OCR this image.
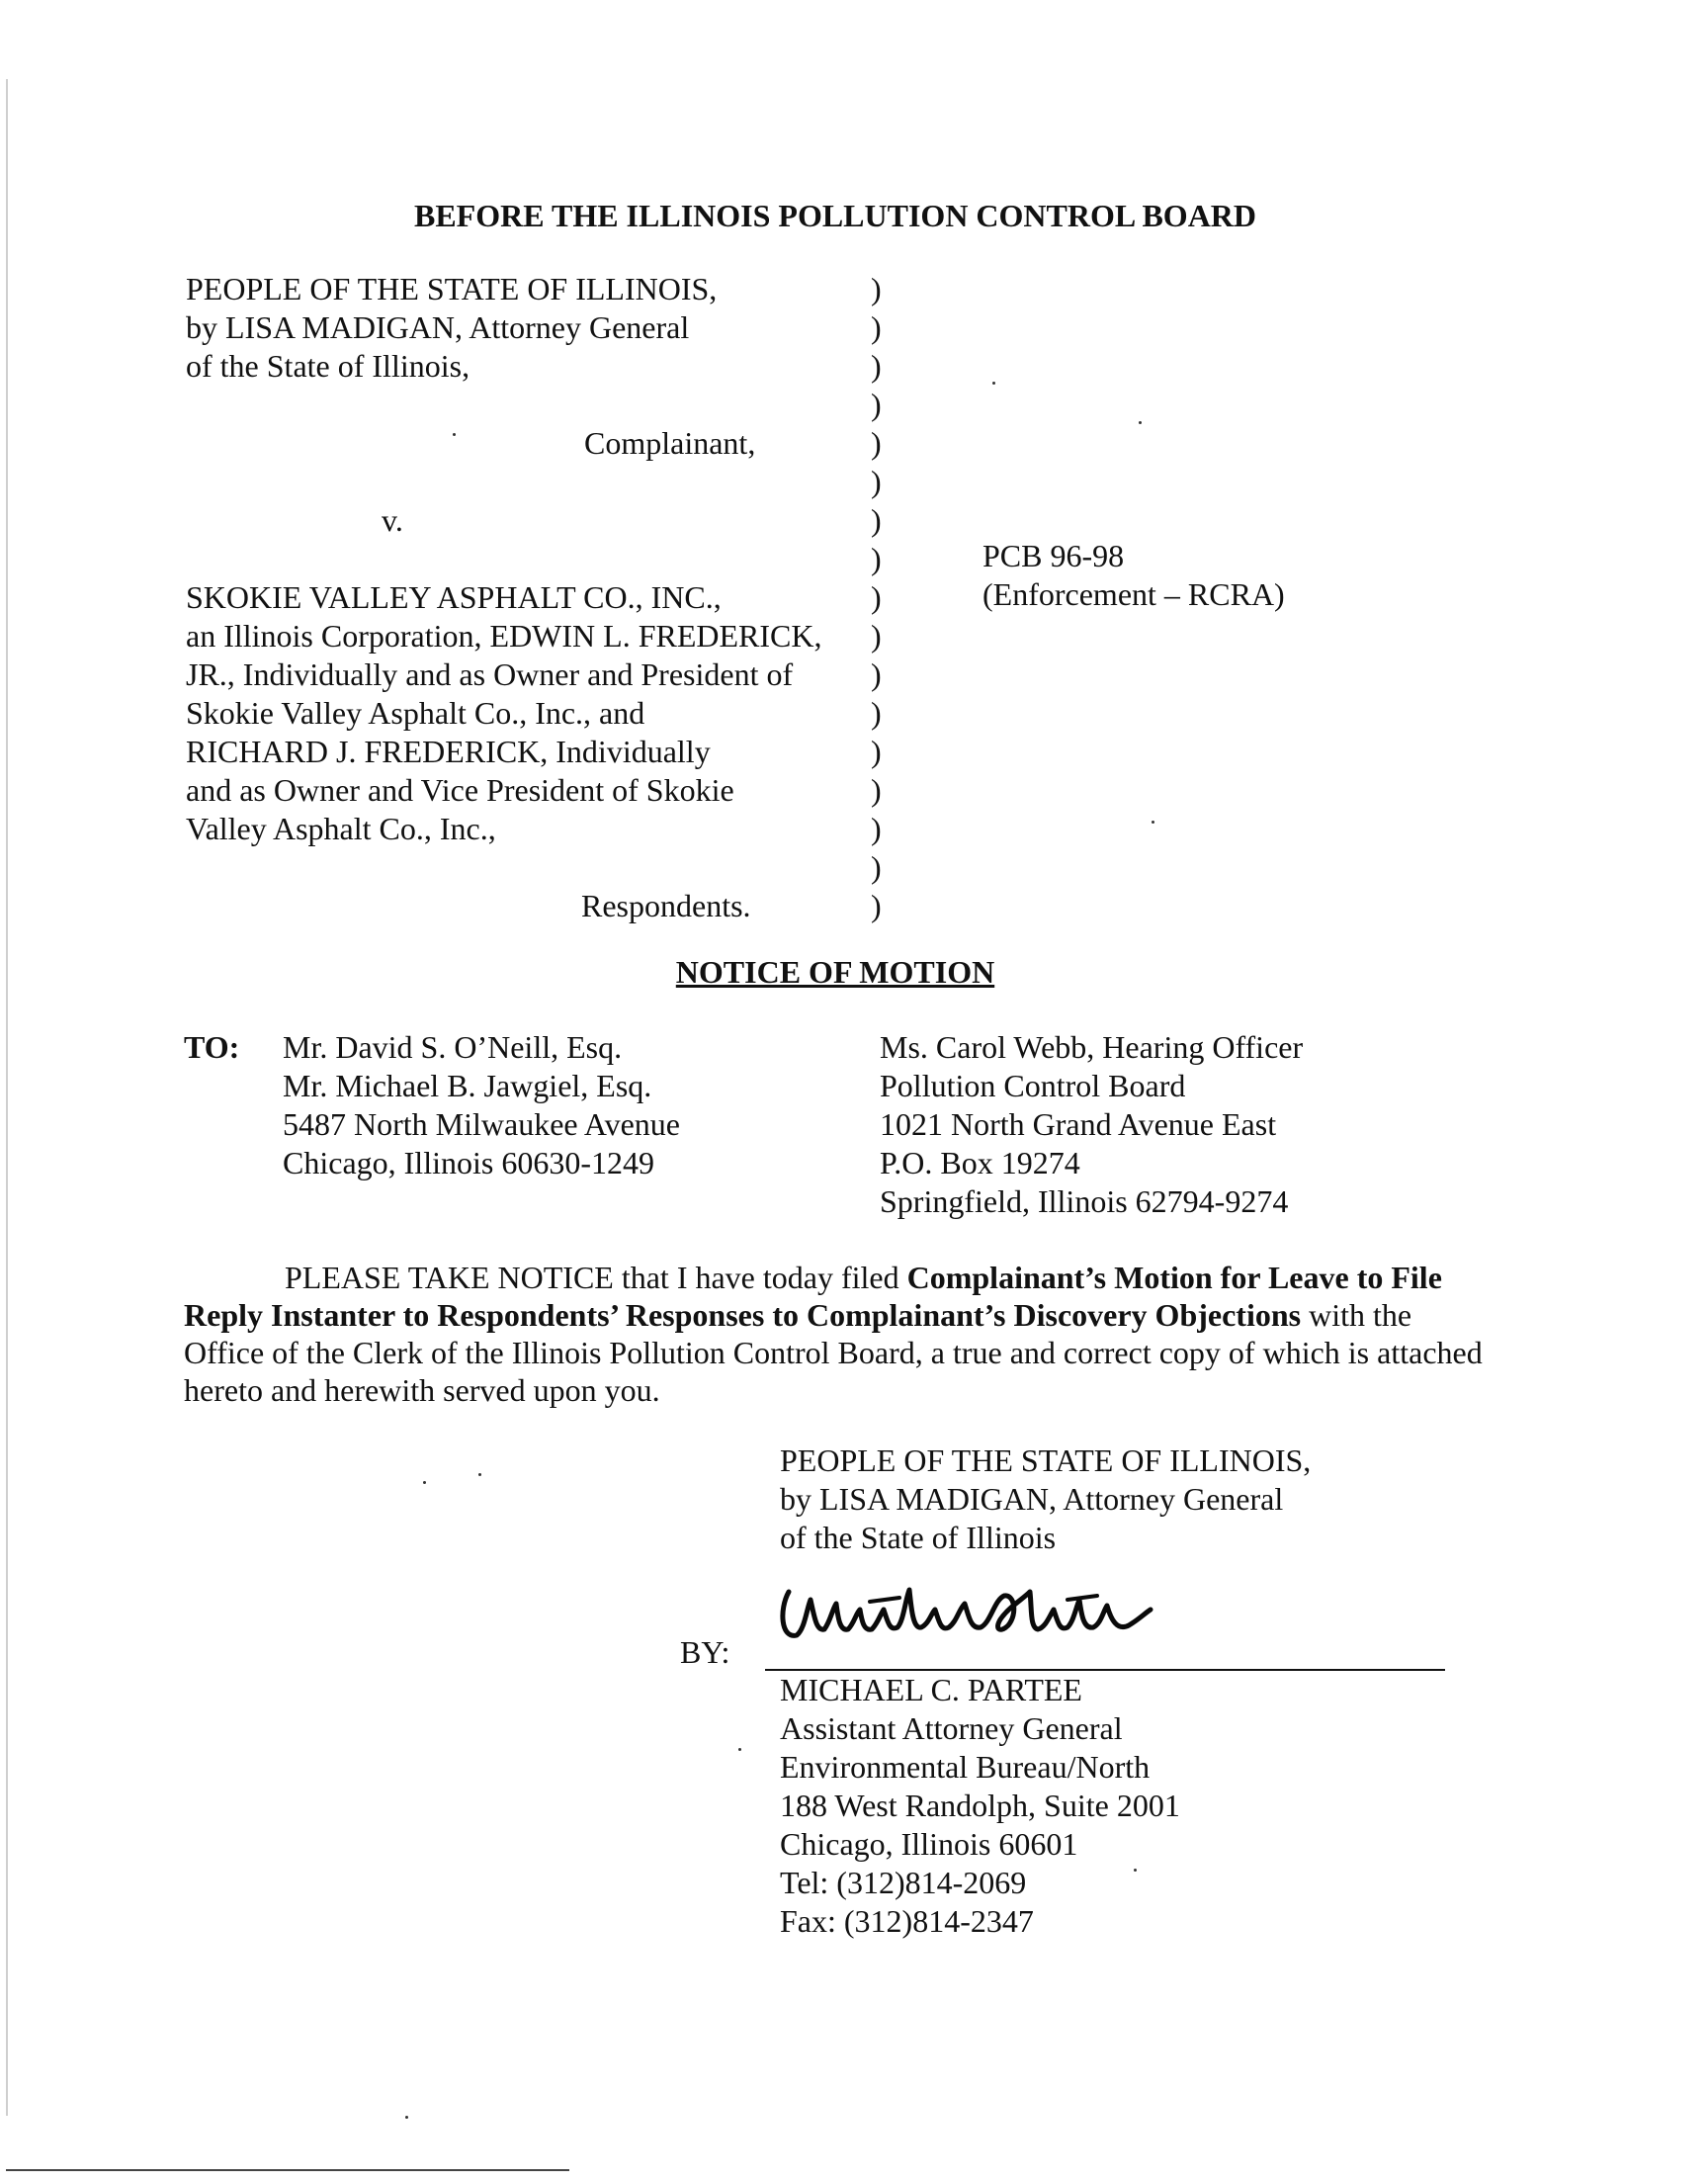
BEFORE THE ILLINOIS POLLUTION CONTROL BOARD
PEOPLE OF THE STATE OF ILLINOIS,
by LISA MADIGAN, Attorney General
of the State of Illinois,
Complainant,
v.
SKOKIE VALLEY ASPHALT CO., INC.,
an Illinois Corporation, EDWIN L. FREDERICK,
JR., Individually and as Owner and President of
Skokie Valley Asphalt Co., Inc., and
RICHARD J. FREDERICK, Individually
and as Owner and Vice President of Skokie
Valley Asphalt Co., Inc.,
Respondents.
)
)
)
)
)
)
)
)
)
)
)
)
)
)
)
)
)
PCB 96-98
(Enforcement – RCRA)
NOTICE OF MOTION
TO: Mr. David S. O’Neill, Esq.
Mr. Michael B. Jawgiel, Esq.
5487 North Milwaukee Avenue
Chicago, Illinois 60630-1249
Ms. Carol Webb, Hearing Officer
Pollution Control Board
1021 North Grand Avenue East
P.O. Box 19274
Springfield, Illinois 62794-9274
PLEASE TAKE NOTICE that I have today filed Complainant’s Motion for Leave to File Reply Instanter to Respondents’ Responses to Complainant’s Discovery Objections with the Office of the Clerk of the Illinois Pollution Control Board, a true and correct copy of which is attached hereto and herewith served upon you.
PEOPLE OF THE STATE OF ILLINOIS,
by LISA MADIGAN, Attorney General
of the State of Illinois
BY:
MICHAEL C. PARTEE
Assistant Attorney General
Environmental Bureau/North
188 West Randolph, Suite 2001
Chicago, Illinois 60601
Tel: (312)814-2069
Fax: (312)814-2347
